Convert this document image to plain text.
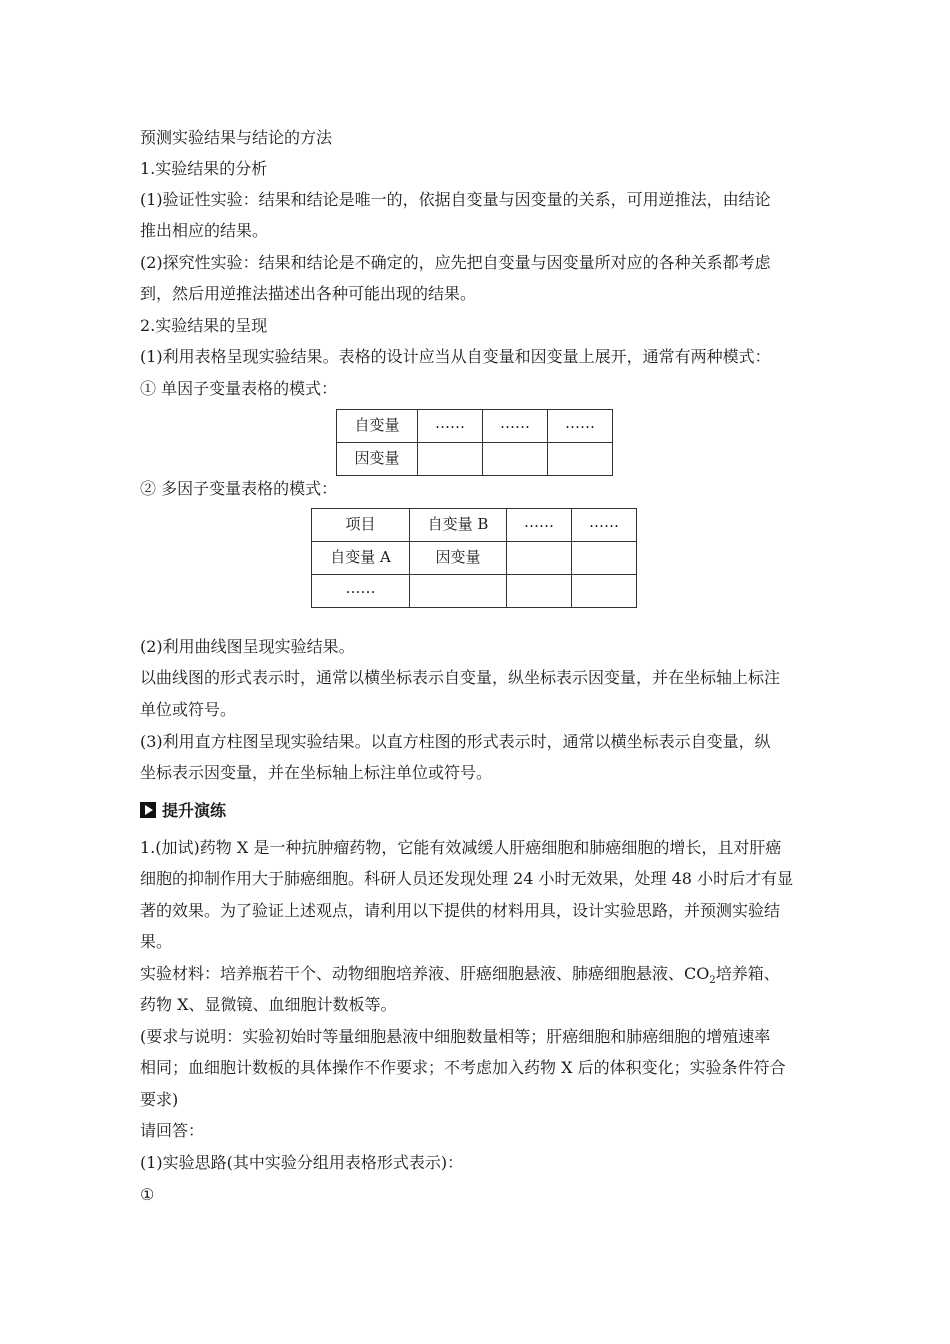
预测实验结果与结论的方法
1.实验结果的分析
(1)验证性实验：结果和结论是唯一的，依据自变量与因变量的关系，可用逆推法，由结论
推出相应的结果。
(2)探究性实验：结果和结论是不确定的，应先把自变量与因变量所对应的各种关系都考虑
到，然后用逆推法描述出各种可能出现的结果。
2.实验结果的呈现
(1)利用表格呈现实验结果。表格的设计应当从自变量和因变量上展开，通常有两种模式：
① 单因子变量表格的模式：
自变量	……	……	……
因变量			
② 多因子变量表格的模式：
项目	自变量 B	……	……
自变量 A	因变量		
……			
(2)利用曲线图呈现实验结果。
以曲线图的形式表示时，通常以横坐标表示自变量，纵坐标表示因变量，并在坐标轴上标注
单位或符号。
(3)利用直方柱图呈现实验结果。以直方柱图的形式表示时，通常以横坐标表示自变量，纵
坐标表示因变量，并在坐标轴上标注单位或符号。
提升演练
1.(加试)药物 X 是一种抗肿瘤药物，它能有效减缓人肝癌细胞和肺癌细胞的增长，且对肝癌
细胞的抑制作用大于肺癌细胞。科研人员还发现处理 24 小时无效果，处理 48 小时后才有显
著的效果。为了验证上述观点，请利用以下提供的材料用具，设计实验思路，并预测实验结
果。
实验材料：培养瓶若干个、动物细胞培养液、肝癌细胞悬液、肺癌细胞悬液、$CO_2$培养箱、
药物 X、显微镜、血细胞计数板等。
(要求与说明：实验初始时等量细胞悬液中细胞数量相等；肝癌细胞和肺癌细胞的增殖速率
相同；血细胞计数板的具体操作不作要求；不考虑加入药物 X 后的体积变化；实验条件符合
要求)
请回答：
(1)实验思路(其中实验分组用表格形式表示)：
①
